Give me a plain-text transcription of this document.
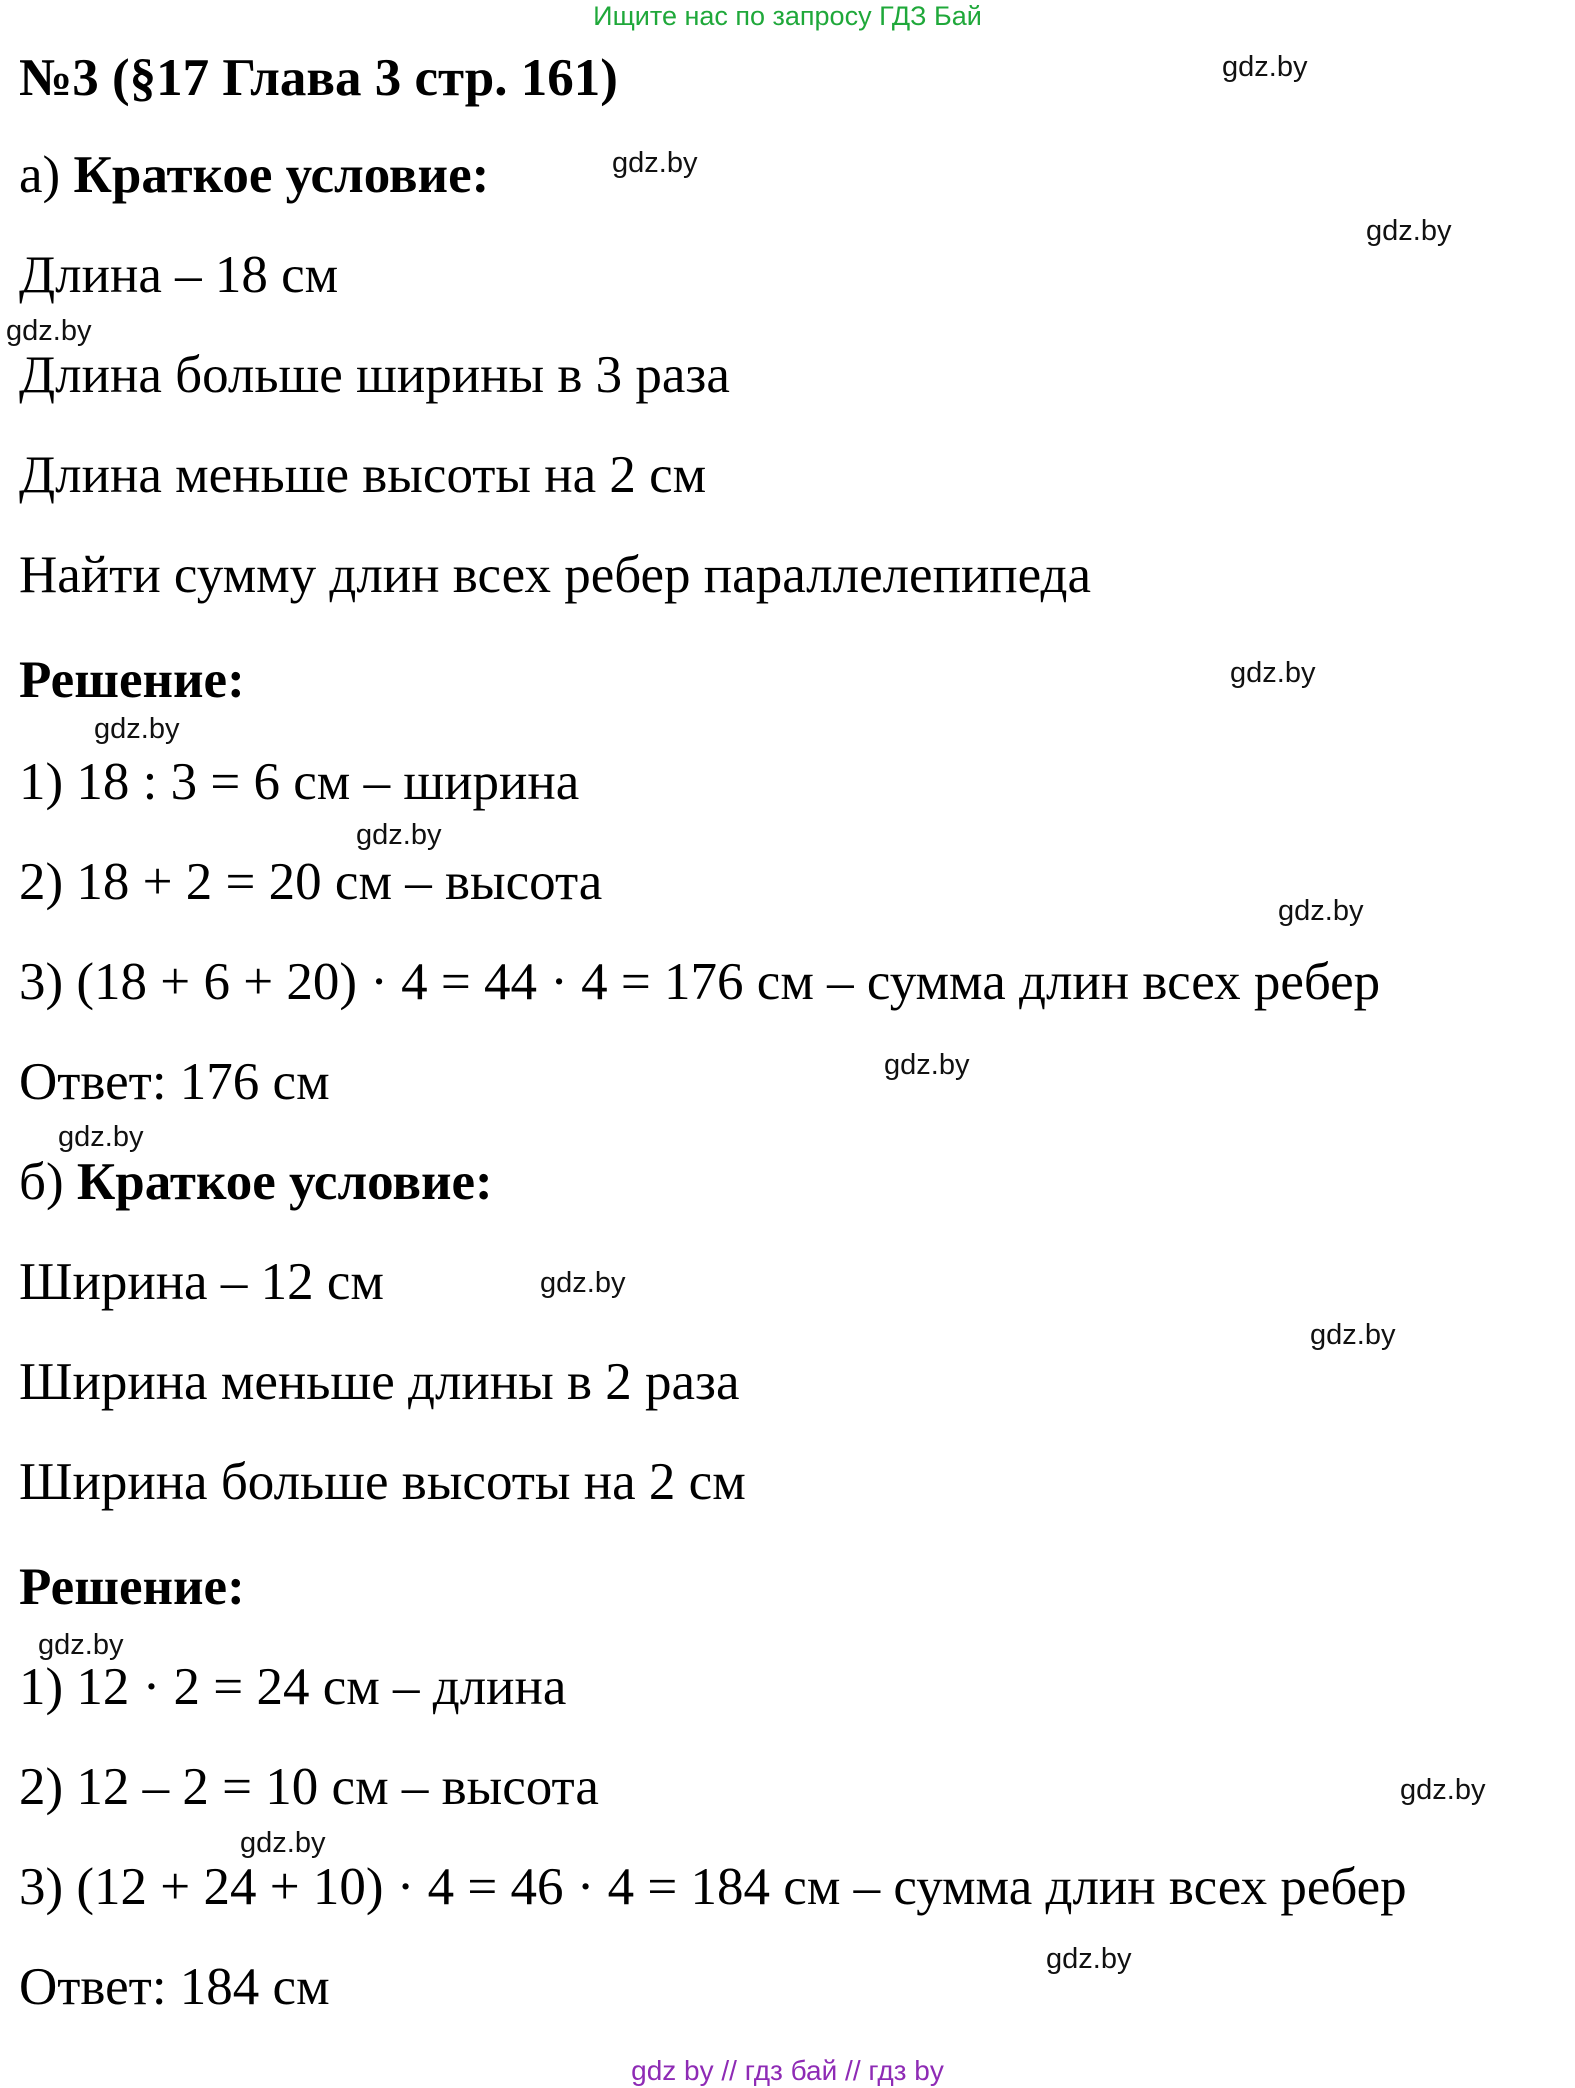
Ищите нас по запросу ГДЗ Бай
№3 (§17 Глава 3 стр. 161)
а) Краткое условие:
Длина – 18 см
Длина больше ширины в 3 раза
Длина меньше высоты на 2 см
Найти сумму длин всех ребер параллелепипеда
Решение:
1) 18 : 3 = 6 см – ширина
2) 18 + 2 = 20 см – высота
3) (18 + 6 + 20) · 4 = 44 · 4 = 176 см – сумма длин всех ребер
Ответ: 176 см
б) Краткое условие:
Ширина – 12 см
Ширина меньше длины в 2 раза
Ширина больше высоты на 2 см
Решение:
1) 12 · 2 = 24 см – длина
2) 12 – 2 = 10 см – высота
3) (12 + 24 + 10) · 4 = 46 · 4 = 184 см – сумма длин всех ребер
Ответ: 184 см
gdz.by
gdz.by
gdz.by
gdz.by
gdz.by
gdz.by
gdz.by
gdz.by
gdz.by
gdz.by
gdz.by
gdz.by
gdz.by
gdz.by
gdz.by
gdz.by
gdz by // гдз бай // гдз by
